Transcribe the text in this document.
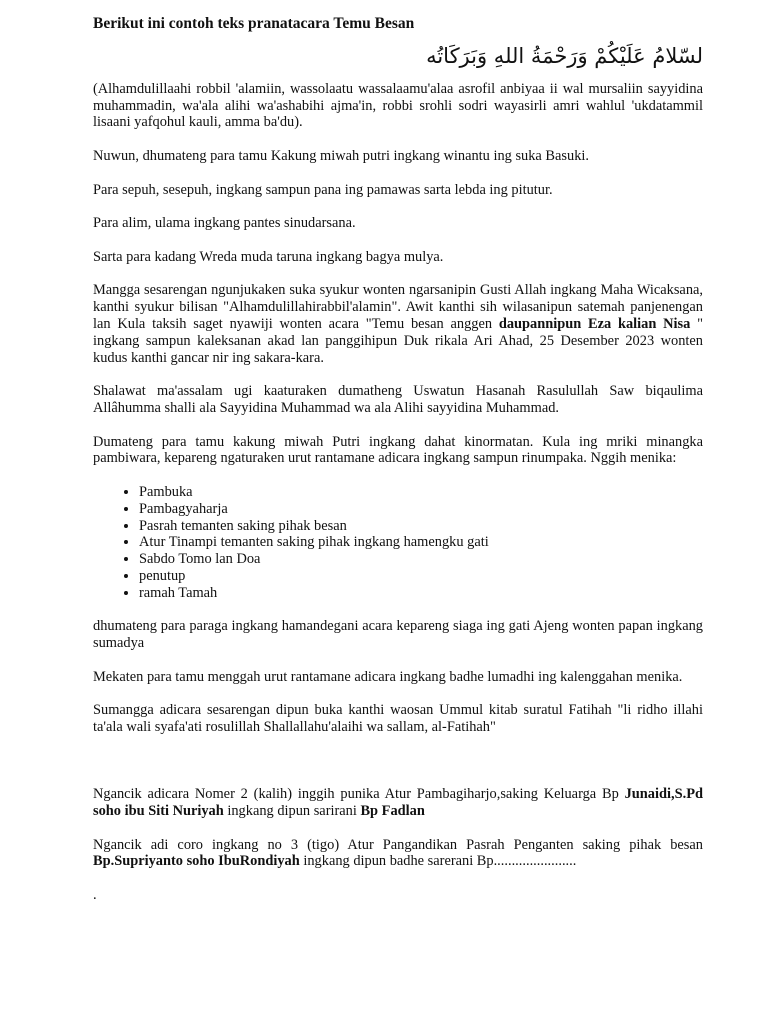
Berikut ini contoh teks pranatacara Temu Besan
لسّلامُ عَلَيْكُمْ وَرَحْمَةُ اللهِ وَبَرَكَاتُه

(Alhamdulillaahi robbil 'alamiin, wassolaatu wassalaamu'alaa asrofil anbiyaa ii wal mursaliin sayyidina muhammadin, wa'ala alihi wa'ashabihi ajma'in, robbi srohli sodri wayasirli amri wahlul 'ukdatammil lisaani yafqohul kauli, amma ba'du).

Nuwun, dhumateng para tamu Kakung miwah putri ingkang winantu ing suka Basuki.

Para sepuh, sesepuh, ingkang sampun pana ing pamawas sarta lebda ing pitutur.

Para alim, ulama ingkang pantes sinudarsana.

Sarta para kadang Wreda muda taruna ingkang bagya mulya.

Mangga sesarengan ngunjukaken suka syukur wonten ngarsanipin Gusti Allah ingkang Maha Wicaksana, kanthi syukur bilisan "Alhamdulillahirabbil'alamin". Awit kanthi sih wilasanipun satemah panjenengan lan Kula taksih saget nyawiji wonten acara "Temu besan anggen daupannipun Eza kalian Nisa " ingkang sampun kaleksanan akad lan panggihipun Duk rikala Ari Ahad, 25 Desember 2023 wonten kudus kanthi gancar nir ing sakara-kara.

Shalawat ma'assalam ugi kaaturaken dumatheng Uswatun Hasanah Rasulullah Saw biqaulima Allâhumma shalli ala Sayyidina Muhammad wa ala Alihi sayyidina Muhammad.

Dumateng para tamu kakung miwah Putri ingkang dahat kinormatan. Kula ing mriki minangka pambiwara, kepareng ngaturaken urut rantamane adicara ingkang sampun rinumpaka. Nggih menika:

• Pambuka
• Pambagyaharja
• Pasrah temanten saking pihak besan
• Atur Tinampi temanten saking pihak ingkang hamengku gati
• Sabdo Tomo lan Doa
• penutup
• ramah Tamah

dhumateng para paraga ingkang hamandegani acara kepareng siaga ing gati Ajeng wonten papan ingkang sumadya

Mekaten para tamu menggah urut rantamane adicara ingkang badhe lumadhi ing kalenggahan menika.

Sumangga adicara sesarengan dipun buka kanthi waosan Ummul kitab suratul Fatihah "li ridho illahi ta'ala wali syafa'ati rosulillah Shallallahu'alaihi wa sallam, al-Fatihah"

Ngancik adicara Nomer 2 (kalih) inggih punika Atur Pambagiharjo,saking Keluarga Bp Junaidi,S.Pd soho ibu Siti Nuriyah ingkang dipun sarirani Bp Fadlan

Ngancik adi coro ingkang no 3 (tigo) Atur Pangandikan Pasrah Penganten saking pihak besan Bp.Supriyanto soho IbuRondiyah ingkang dipun badhe sarerani Bp.......................

.
